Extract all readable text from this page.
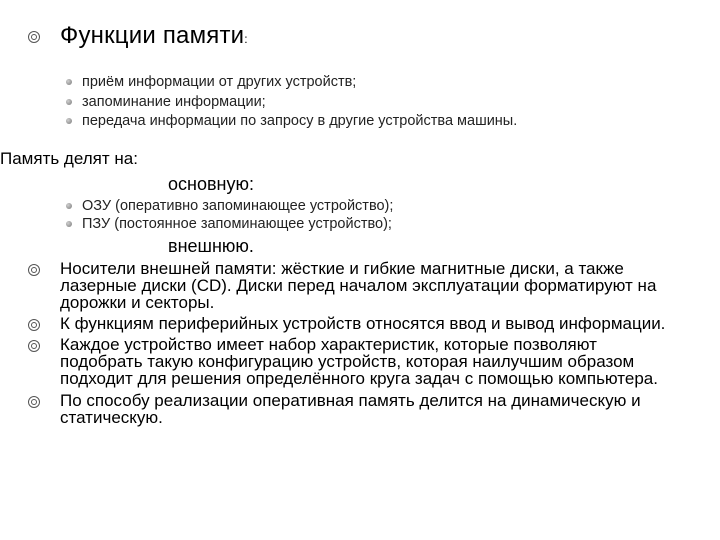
Функции памяти:
приём информации от других устройств;
запоминание информации;
передача информации по запросу в другие устройства машины.
Память делят на:
основную:
ОЗУ (оперативно запоминающее устройство);
ПЗУ (постоянное запоминающее устройство);
внешнюю.
Носители внешней памяти: жёсткие и гибкие магнитные диски, а также
лазерные диски (CD). Диски перед началом эксплуатации форматируют на
дорожки и секторы.
К функциям периферийных устройств относятся ввод и вывод информации.
Каждое устройство имеет набор характеристик, которые позволяют
подобрать такую конфигурацию устройств, которая наилучшим образом
подходит для решения определённого круга задач с помощью компьютера.
По способу реализации оперативная память делится на динамическую и
статическую.
